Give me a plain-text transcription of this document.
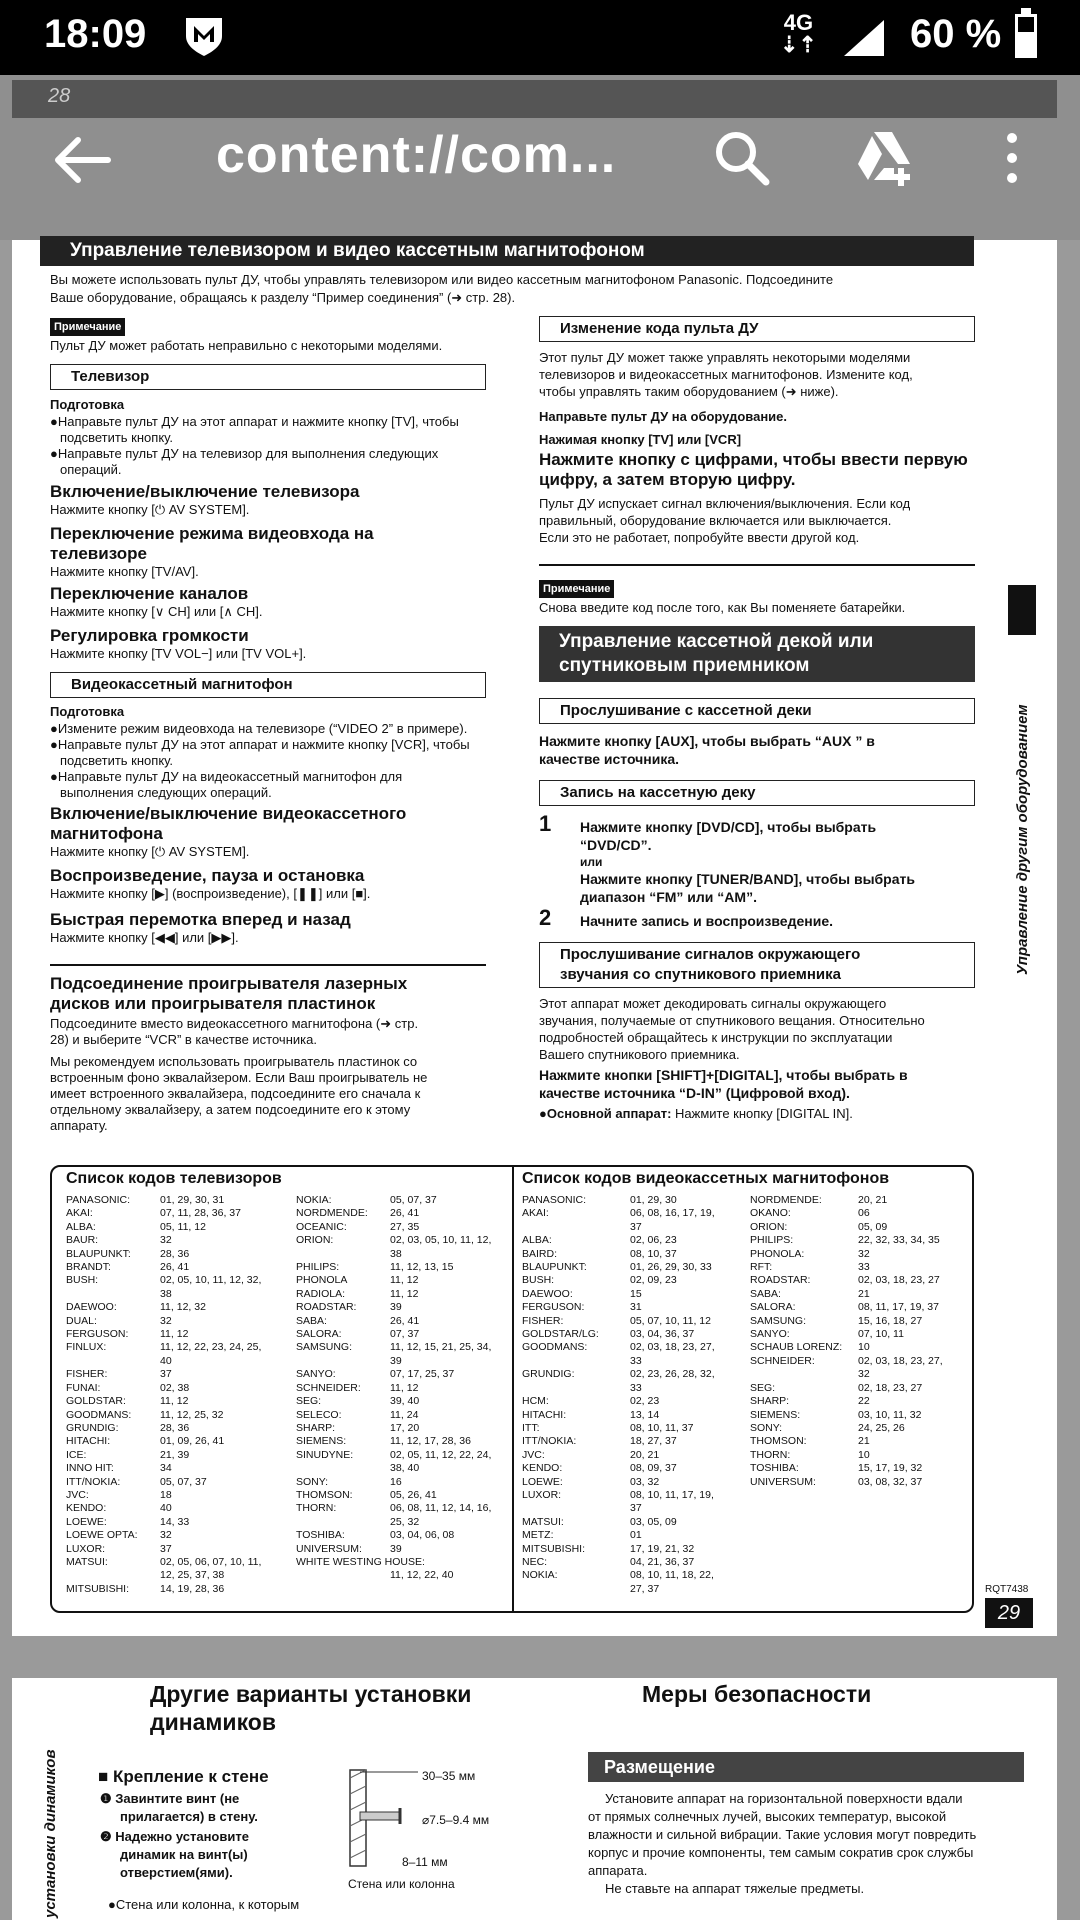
18:09	4G
⇣⇡ 60 %
28
content://com...
Управление телевизором и видео кассетным магнитофоном
Вы можете использовать пульт ДУ, чтобы управлять телевизором или видео кассетным магнитофоном Panasonic. Подсоедините
Ваше оборудование, обращаясь к разделу “Пример соединения” (➜ стр. 28).
Примечание
Пульт ДУ может работать неправильно с некоторыми моделями.
Телевизор
Подготовка
●Направьте пульт ДУ на этот аппарат и нажмите кнопку [TV], чтобы
подсветить кнопку.
●Направьте пульт ДУ на телевизор для выполнения следующих
операций.
Включение/выключение телевизора
Нажмите кнопку [⏻ AV SYSTEM].
Переключение режима видеовхода на
телевизоре
Нажмите кнопку [TV/AV].
Переключение каналов
Нажмите кнопку [∨ CH] или [∧ CH].
Регулировка громкости
Нажмите кнопку [TV VOL−] или [TV VOL+].
Видеокассетный магнитофон
Подготовка
●Измените режим видеовхода на телевизоре (“VIDEO 2” в примере).
●Направьте пульт ДУ на этот аппарат и нажмите кнопку [VCR], чтобы
подсветить кнопку.
●Направьте пульт ДУ на видеокассетный магнитофон для
выполнения следующих операций.
Включение/выключение видеокассетного
магнитофона
Нажмите кнопку [⏻ AV SYSTEM].
Воспроизведение, пауза и остановка
Нажмите кнопку [▶] (воспроизведение), [❚❚] или [■].
Быстрая перемотка вперед и назад
Нажмите кнопку [◀◀] или [▶▶].
Подсоединение проигрывателя лазерных
дисков или проигрывателя пластинок
Подсоедините вместо видеокассетного магнитофона (➜ стр.
28) и выберите “VCR” в качестве источника.
Мы рекомендуем использовать проигрыватель пластинок со
встроенным фоно эквалайзером. Если Ваш проигрыватель не
имеет встроенного эквалайзера, подсоедините его сначала к
отдельному эквалайзеру, а затем подсоедините его к этому
аппарату.
Изменение кода пульта ДУ
Этот пульт ДУ может также управлять некоторыми моделями
телевизоров и видеокассетных магнитофонов. Измените код,
чтобы управлять таким оборудованием (➜ ниже).
Направьте пульт ДУ на оборудование.
Нажимая кнопку [TV] или [VCR]
Нажмите кнопку с цифрами, чтобы ввести первую
цифру, а затем вторую цифру.
Пульт ДУ испускает сигнал включения/выключения. Если код
правильный, оборудование включается или выключается.
Если это не работает, попробуйте ввести другой код.
Примечание
Снова введите код после того, как Вы поменяете батарейки.
Управление кассетной декой или
спутниковым приемником
Прослушивание с кассетной деки
Нажмите кнопку [AUX], чтобы выбрать “AUX ” в
качестве источника.
Запись на кассетную деку
1 Нажмите кнопку [DVD/CD], чтобы выбрать
“DVD/CD”.
или
Нажмите кнопку [TUNER/BAND], чтобы выбрать
диапазон “FM” или “AM”.
2 Начните запись и воспроизведение.
Прослушивание сигналов окружающего
звучания со спутникового приемника
Этот аппарат может декодировать сигналы окружающего
звучания, получаемые от спутникового вещания. Относительно
подробностей обращайтесь к инструкции по эксплуатации
Вашего спутникового приемника.
Нажмите кнопки [SHIFT]+[DIGITAL], чтобы выбрать в
качестве источника “D-IN” (Цифровой вход).
●Основной аппарат: Нажмите кнопку [DIGITAL IN].
Управление другим оборудованием
Список кодов телевизоров	Список кодов видеокассетных магнитофонов
PANASONIC:
AKAI:
ALBA:
BAUR:
BLAUPUNKT:
BRANDT:
BUSH:

DAEWOO:
DUAL:
FERGUSON:
FINLUX:

FISHER:
FUNAI:
GOLDSTAR:
GOODMANS:
GRUNDIG:
HITACHI:
ICE:
INNO HIT:
ITT/NOKIA:
JVC:
KENDO:
LOEWE:
LOEWE OPTA:
LUXOR:
MATSUI:

MITSUBISHI:
01, 29, 30, 31
07, 11, 28, 36, 37
05, 11, 12
32
28, 36
26, 41
02, 05, 10, 11, 12, 32,
38
11, 12, 32
32
11, 12
11, 12, 22, 23, 24, 25,
40
37
02, 38
11, 12
11, 12, 25, 32
28, 36
01, 09, 26, 41
21, 39
34
05, 07, 37
18
40
14, 33
32
37
02, 05, 06, 07, 10, 11,
12, 25, 37, 38
14, 19, 28, 36
NOKIA:
NORDMENDE:
OCEANIC:
ORION:

PHILIPS:
PHONOLA
RADIOLA:
ROADSTAR:
SABA:
SALORA:
SAMSUNG:

SANYO:
SCHNEIDER:
SEG:
SELECO:
SHARP:
SIEMENS:
SINUDYNE:

SONY:
THOMSON:
THORN:

TOSHIBA:
UNIVERSUM:
WHITE WESTING HOUSE:
05, 07, 37
26, 41
27, 35
02, 03, 05, 10, 11, 12,
38
11, 12, 13, 15
11, 12
11, 12
39
26, 41
07, 37
11, 12, 15, 21, 25, 34,
39
07, 17, 25, 37
11, 12
39, 40
11, 24
17, 20
11, 12, 17, 28, 36
02, 05, 11, 12, 22, 24,
38, 40
16
05, 26, 41
06, 08, 11, 12, 14, 16,
25, 32
03, 04, 06, 08
39

11, 12, 22, 40
PANASONIC:
AKAI:

ALBA:
BAIRD:
BLAUPUNKT:
BUSH:
DAEWOO:
FERGUSON:
FISHER:
GOLDSTAR/LG:
GOODMANS:

GRUNDIG:

HCM:
HITACHI:
ITT:
ITT/NOKIA:
JVC:
KENDO:
LOEWE:
LUXOR:

MATSUI:
METZ:
MITSUBISHI:
NEC:
NOKIA:
01, 29, 30
06, 08, 16, 17, 19,
37
02, 06, 23
08, 10, 37
01, 26, 29, 30, 33
02, 09, 23
15
31
05, 07, 10, 11, 12
03, 04, 36, 37
02, 03, 18, 23, 27,
33
02, 23, 26, 28, 32,
33
02, 23
13, 14
08, 10, 11, 37
18, 27, 37
20, 21
08, 09, 37
03, 32
08, 10, 11, 17, 19,
37
03, 05, 09
01
17, 19, 21, 32
04, 21, 36, 37
08, 10, 11, 18, 22,
27, 37
NORDMENDE:
OKANO:
ORION:
PHILIPS:
PHONOLA:
RFT:
ROADSTAR:
SABA:
SALORA:
SAMSUNG:
SANYO:
SCHAUB LORENZ:
SCHNEIDER:

SEG:
SHARP:
SIEMENS:
SONY:
THOMSON:
THORN:
TOSHIBA:
UNIVERSUM:
20, 21
06
05, 09
22, 32, 33, 34, 35
32
33
02, 03, 18, 23, 27
21
08, 11, 17, 19, 37
15, 16, 18, 27
07, 10, 11
10
02, 03, 18, 23, 27,
32
02, 18, 23, 27
22
03, 10, 11, 32
24, 25, 26
21
10
15, 17, 19, 32
03, 08, 32, 37
RQT7438
29
Другие варианты установки
динамиков
Меры безопасности
установки динамиков ■ Крепление к стене
❶ Завинтите винт (не
прилагается) в стену.
❷ Надежно установите
динамик на винт(ы)
отверстием(ями).
●Стена или колонна, к которым
30–35 мм
⌀7.5–9.4 мм
8–11 мм
Стена или колонна
Размещение
Установите аппарат на горизонтальной поверхности вдали
от прямых солнечных лучей, высоких температур, высокой
влажности и сильной вибрации. Такие условия могут повредить
корпус и прочие компоненты, тем самым сократив срок службы
аппарата.
Не ставьте на аппарат тяжелые предметы.
